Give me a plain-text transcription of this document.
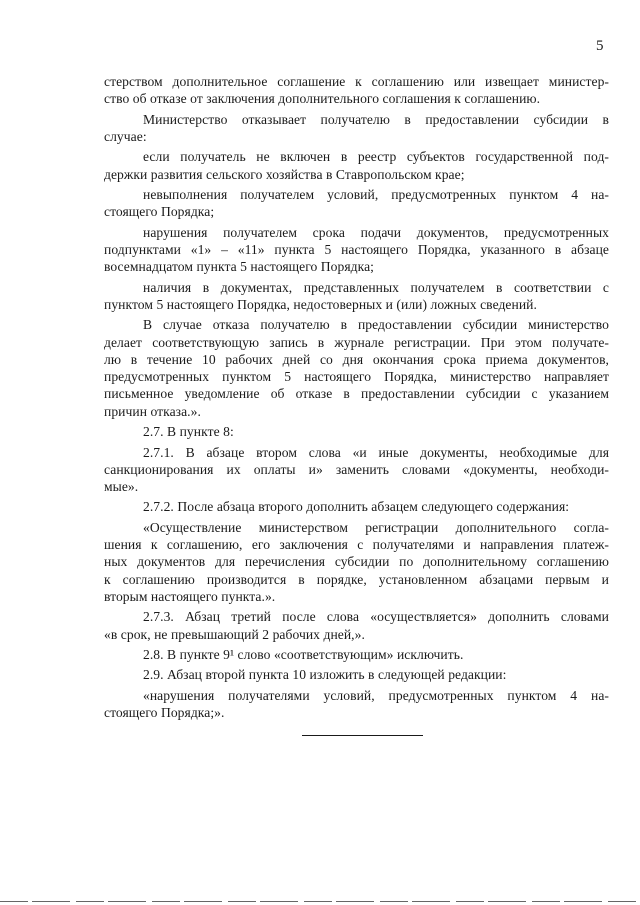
5

стерством дополнительное соглашение к соглашению или извещает министер-
ство об отказе от заключения дополнительного соглашения к соглашению.

Министерство отказывает получателю в предоставлении субсидии в
случае:

если получатель не включен в реестр субъектов государственной под-
держки развития сельского хозяйства в Ставропольском крае;

невыполнения получателем условий, предусмотренных пунктом 4 на-
стоящего Порядка;

нарушения получателем срока подачи документов, предусмотренных
подпунктами «1» – «11» пункта 5 настоящего Порядка, указанного в абзаце
восемнадцатом пункта 5 настоящего Порядка;

наличия в документах, представленных получателем в соответствии с
пунктом 5 настоящего Порядка, недостоверных и (или) ложных сведений.

В случае отказа получателю в предоставлении субсидии министерство
делает соответствующую запись в журнале регистрации. При этом получате-
лю в течение 10 рабочих дней со дня окончания срока приема документов,
предусмотренных пунктом 5 настоящего Порядка, министерство направляет
письменное уведомление об отказе в предоставлении субсидии с указанием
причин отказа.».

2.7. В пункте 8:

2.7.1. В абзаце втором слова «и иные документы, необходимые для
санкционирования их оплаты и» заменить словами «документы, необходи-
мые».

2.7.2. После абзаца второго дополнить абзацем следующего содержания:

«Осуществление министерством регистрации дополнительного согла-
шения к соглашению, его заключения с получателями и направления платеж-
ных документов для перечисления субсидии по дополнительному соглашению
к соглашению производится в порядке, установленном абзацами первым и
вторым настоящего пункта.».

2.7.3. Абзац третий после слова «осуществляется» дополнить словами
«в срок, не превышающий 2 рабочих дней,».

2.8. В пункте 9¹ слово «соответствующим» исключить.

2.9. Абзац второй пункта 10 изложить в следующей редакции:

«нарушения получателями условий, предусмотренных пунктом 4 на-
стоящего Порядка;».
